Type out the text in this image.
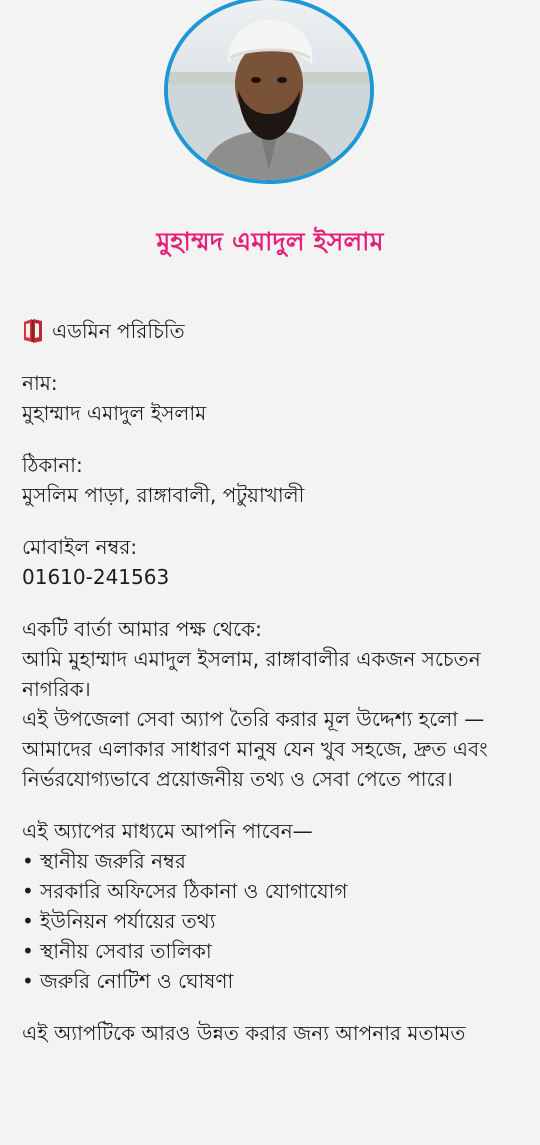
মুহাম্মদ এমাদুল ইসলাম
এডমিন পরিচিতি

নাম:

মুহাম্মাদ এমাদুল ইসলাম

ঠিকানা:

মুসলিম পাড়া, রাঙ্গাবালী, পটুয়াখালী

মোবাইল নম্বর:

01610-241563

একটি বার্তা আমার পক্ষ থেকে:

আমি মুহাম্মাদ এমাদুল ইসলাম, রাঙ্গাবালীর একজন সচেতন নাগরিক।

এই উপজেলা সেবা অ্যাপ তৈরি করার মূল উদ্দেশ্য হলো —

আমাদের এলাকার সাধারণ মানুষ যেন খুব সহজে, দ্রুত এবং নির্ভরযোগ্যভাবে প্রয়োজনীয় তথ্য ও সেবা পেতে পারে।

এই অ্যাপের মাধ্যমে আপনি পাবেন—

• স্থানীয় জরুরি নম্বর
• সরকারি অফিসের ঠিকানা ও যোগাযোগ
• ইউনিয়ন পর্যায়ের তথ্য
• স্থানীয় সেবার তালিকা
• জরুরি নোটিশ ও ঘোষণা

এই অ্যাপটিকে আরও উন্নত করার জন্য আপনার মতামত
